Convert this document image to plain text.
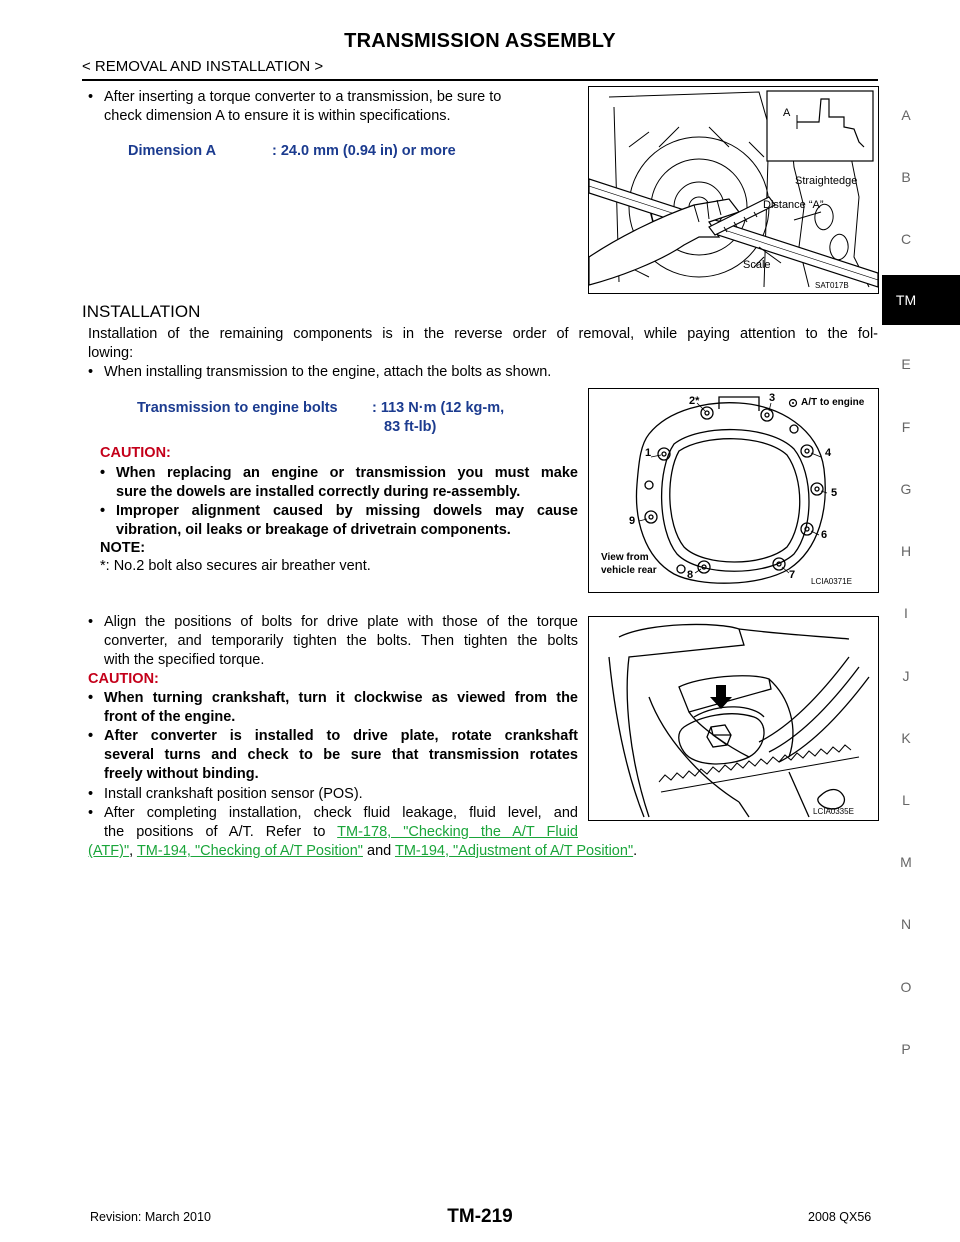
TRANSMISSION ASSEMBLY
< REMOVAL AND INSTALLATION >
A
B
C
TM
E
F
G
H
I
J
K
L
M
N
O
P
• After inserting a torque converter to a transmission, be sure to
check dimension A to ensure it is within specifications.
Dimension A	: 24.0 mm (0.94 in) or more
A
Straightedge
Distance “A”
Scale
SAT017B
INSTALLATION
Installation of the remaining components is in the reverse order of removal, while paying attention to the fol-
lowing:
• When installing transmission to the engine, attach the bolts as shown.
Transmission to engine bolts : 113 N·m (12 kg-m,
83 ft-lb)
CAUTION:
• When replacing an engine or transmission you must make
sure the dowels are installed correctly during re-assembly.
• Improper alignment caused by missing dowels may cause
vibration, oil leaks or breakage of drivetrain components.
NOTE:
*: No.2 bolt also secures air breather vent.
A/T to engine
1
2*	3
4
5
6
7
8
9
View from
vehicle rear
LCIA0371E
• Align the positions of bolts for drive plate with those of the torque
converter, and temporarily tighten the bolts. Then tighten the bolts
with the specified torque.
CAUTION:
• When turning crankshaft, turn it clockwise as viewed from the
front of the engine.
• After converter is installed to drive plate, rotate crankshaft
several turns and check to be sure that transmission rotates
freely without binding.
• Install crankshaft position sensor (POS).
• After completing installation, check fluid leakage, fluid level, and
the positions of A/T. Refer to TM-178, "Checking the A/T Fluid
(ATF)", TM-194, "Checking of A/T Position" and TM-194, "Adjustment of A/T Position".
LCIA0335E
TM-219
Revision: March 2010	2008 QX56
